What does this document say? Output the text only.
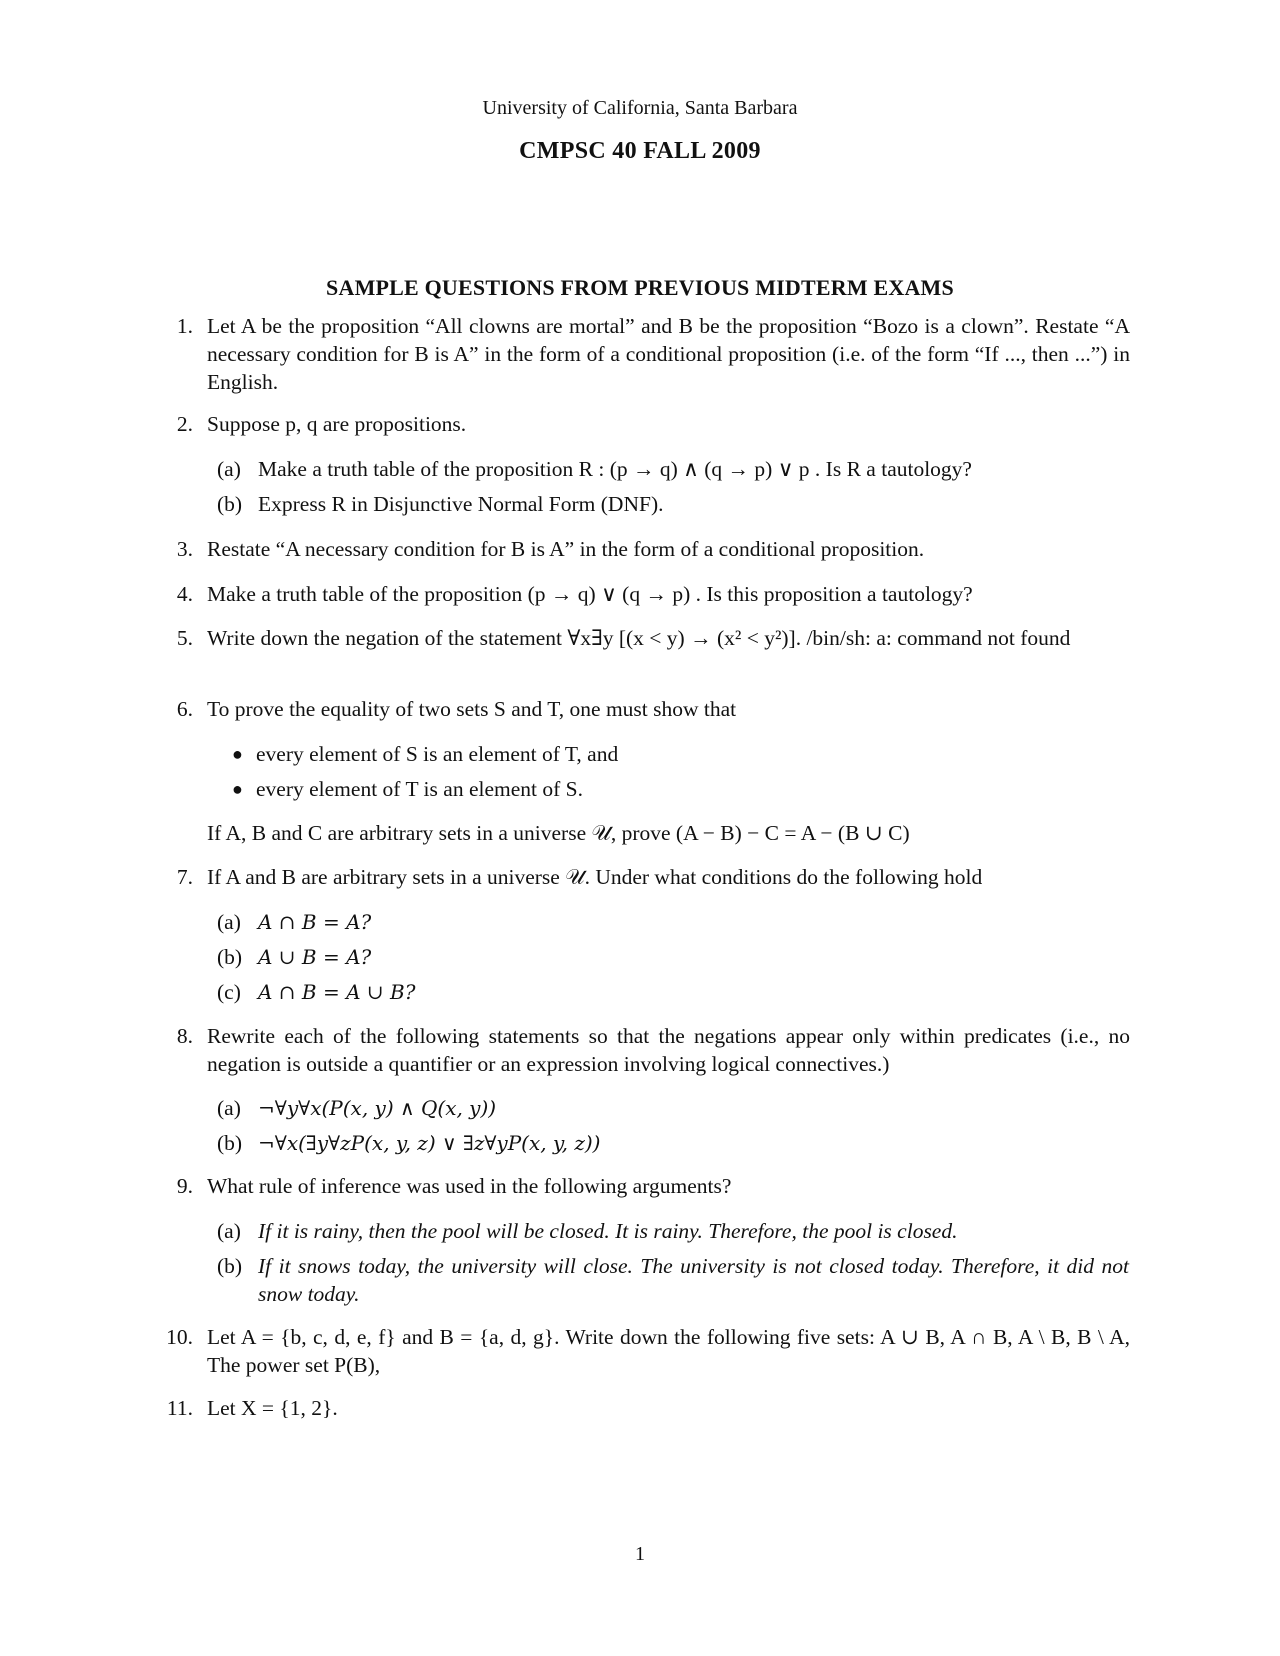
University of California, Santa Barbara
CMPSC 40 FALL 2009
SAMPLE QUESTIONS FROM PREVIOUS MIDTERM EXAMS
1. Let A be the proposition “All clowns are mortal” and B be the proposition “Bozo is a clown”. Restate “A necessary condition for B is A” in the form of a conditional proposition (i.e. of the form “If ..., then ...”) in English.
2. Suppose p, q are propositions.
(a) Make a truth table of the proposition R : (p → q) ∧ (q → p) ∨ p . Is R a tautology?
(b) Express R in Disjunctive Normal Form (DNF).
3. Restate “A necessary condition for B is A” in the form of a conditional proposition.
4. Make a truth table of the proposition (p → q) ∨ (q → p) . Is this proposition a tautology?
5. Write down the negation of the statement ∀x∃y [(x < y) → (x² < y²)]. /bin/sh: a: command not found
6. To prove the equality of two sets S and T, one must show that
● every element of S is an element of T, and
● every element of T is an element of S.
If A, B and C are arbitrary sets in a universe 𝒰, prove (A − B) − C = A − (B ∪ C)
7. If A and B are arbitrary sets in a universe 𝒰. Under what conditions do the following hold
(a) A ∩ B = A?
(b) A ∪ B = A?
(c) A ∩ B = A ∪ B?
8. Rewrite each of the following statements so that the negations appear only within predicates (i.e., no negation is outside a quantifier or an expression involving logical connectives.)
(a) ¬∀y∀x(P(x, y) ∧ Q(x, y))
(b) ¬∀x(∃y∀zP(x, y, z) ∨ ∃z∀yP(x, y, z))
9. What rule of inference was used in the following arguments?
(a) If it is rainy, then the pool will be closed. It is rainy. Therefore, the pool is closed.
(b) If it snows today, the university will close. The university is not closed today. Therefore, it did not snow today.
10. Let A = {b, c, d, e, f} and B = {a, d, g}. Write down the following five sets: A ∪ B, A ∩ B, A \ B, B \ A, The power set P(B),
11. Let X = {1, 2}.
1
